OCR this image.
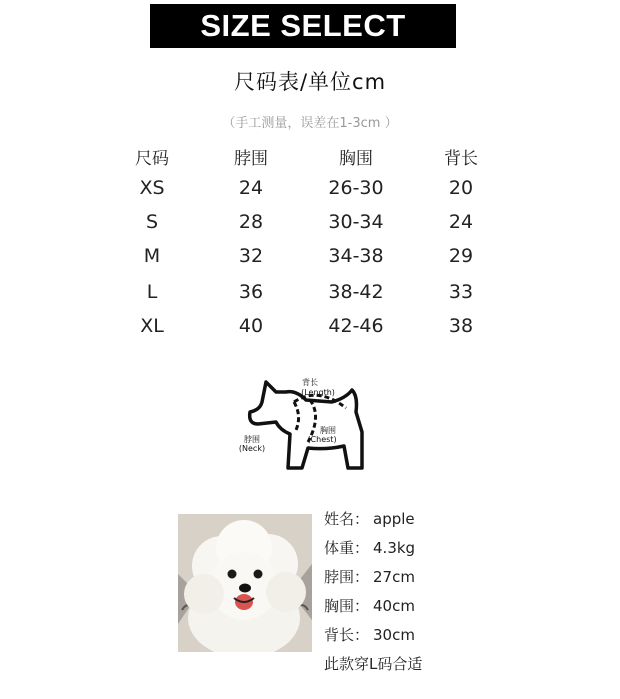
SIZE SELECT
尺码表/单位cm
（手工测量，误差在1-3cm ）
尺码	脖围	胸围	背长
XS	24	26-30	20
S	28	30-34	24
M	32	34-38	29
L	36	38-42	33
XL	40	42-46	38
背长
(Length)
胸围
(Chest)
脖围
(Neck)
姓名： apple
体重： 4.3kg
脖围： 27cm
胸围： 40cm
背长： 30cm
此款穿L码合适
